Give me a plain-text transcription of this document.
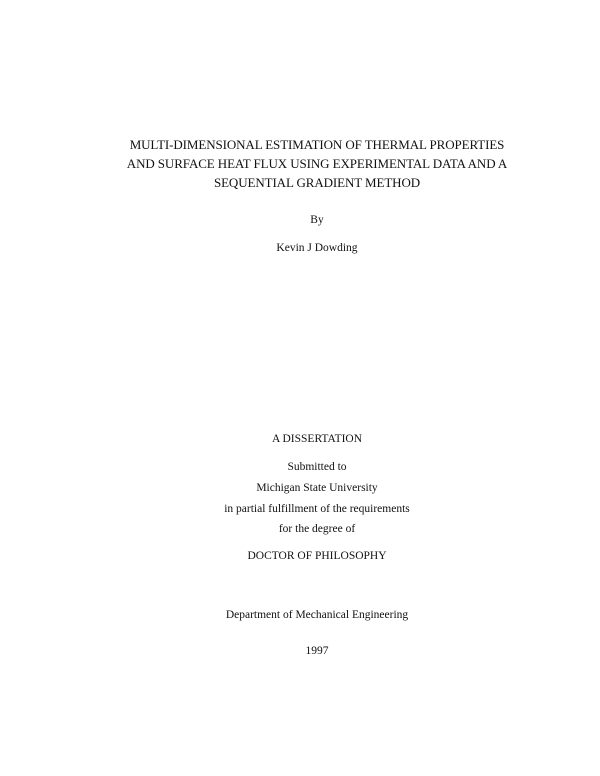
MULTI-DIMENSIONAL ESTIMATION OF THERMAL PROPERTIES
AND SURFACE HEAT FLUX USING EXPERIMENTAL DATA AND A
SEQUENTIAL GRADIENT METHOD
By
Kevin J Dowding
A DISSERTATION
Submitted to
Michigan State University
in partial fulfillment of the requirements
for the degree of
DOCTOR OF PHILOSOPHY
Department of Mechanical Engineering
1997
